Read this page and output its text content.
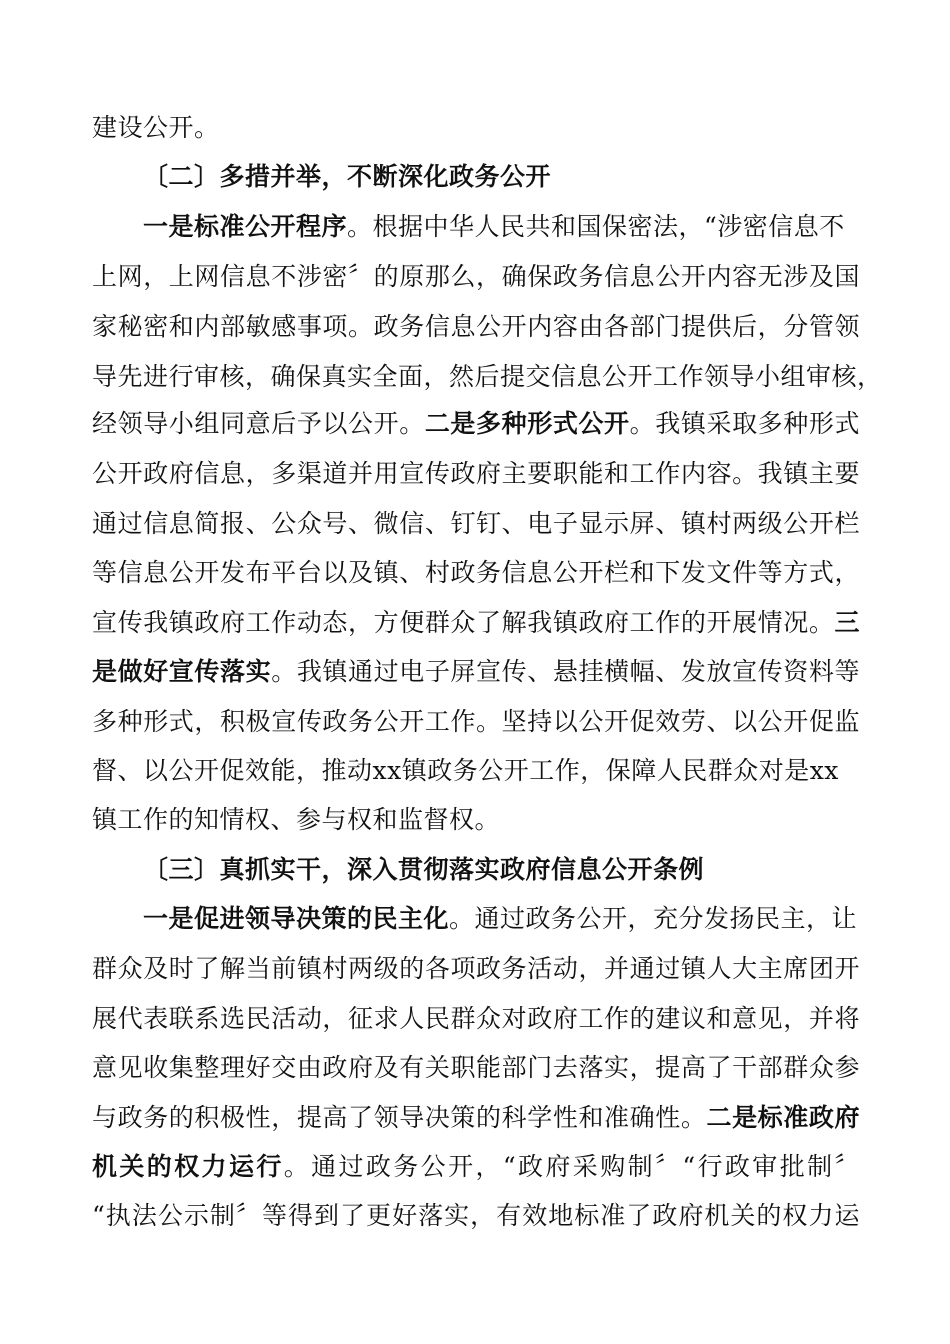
建设公开。
〔二〕多措并举，不断深化政务公开
一是标准公开程序。根据中华人民共和国保密法，“涉密信息不
上网，上网信息不涉密〞的原那么，确保政务信息公开内容无涉及国
家秘密和内部敏感事项。政务信息公开内容由各部门提供后，分管领
导先进行审核，确保真实全面，然后提交信息公开工作领导小组审核，
经领导小组同意后予以公开。二是多种形式公开。我镇采取多种形式
公开政府信息，多渠道并用宣传政府主要职能和工作内容。我镇主要
通过信息简报、公众号、微信、钉钉、电子显示屏、镇村两级公开栏
等信息公开发布平台以及镇、村政务信息公开栏和下发文件等方式，
宣传我镇政府工作动态，方便群众了解我镇政府工作的开展情况。三
是做好宣传落实。我镇通过电子屏宣传、悬挂横幅、发放宣传资料等
多种形式，积极宣传政务公开工作。坚持以公开促效劳、以公开促监
督、以公开促效能，推动xx镇政务公开工作，保障人民群众对是xx
镇工作的知情权、参与权和监督权。
〔三〕真抓实干，深入贯彻落实政府信息公开条例
一是促进领导决策的民主化。通过政务公开，充分发扬民主，让
群众及时了解当前镇村两级的各项政务活动，并通过镇人大主席团开
展代表联系选民活动，征求人民群众对政府工作的建议和意见，并将
意见收集整理好交由政府及有关职能部门去落实，提高了干部群众参
与政务的积极性，提高了领导决策的科学性和准确性。二是标准政府
机关的权力运行。通过政务公开，“政府采购制〞“行政审批制〞
“执法公示制〞等得到了更好落实，有效地标准了政府机关的权力运
